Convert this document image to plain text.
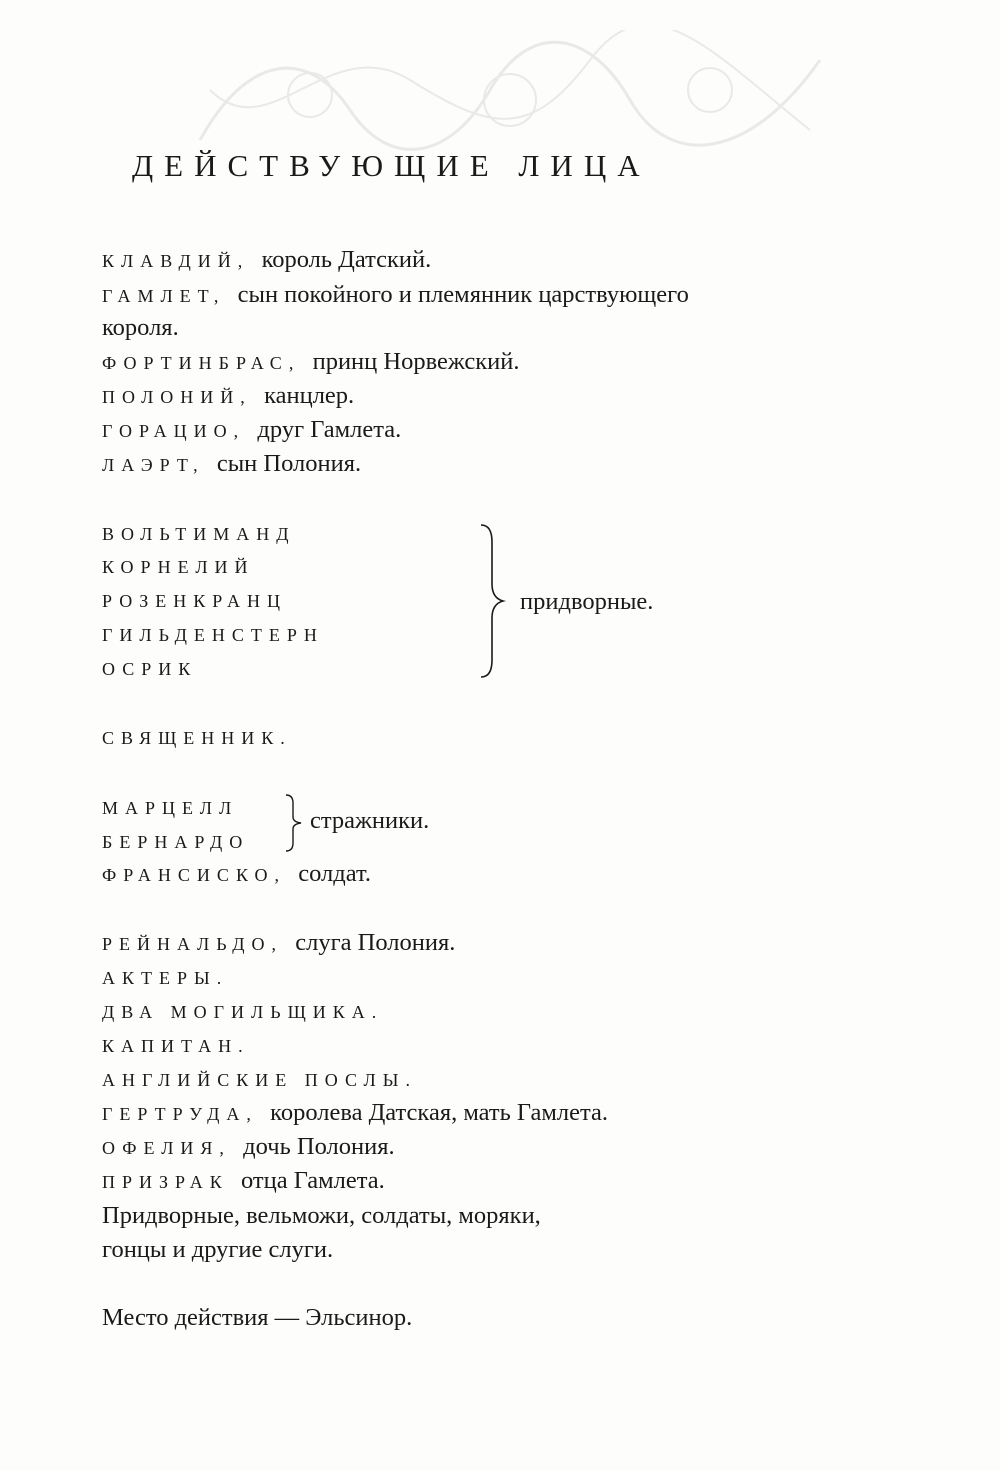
ДЕЙСТВУЮЩИЕ ЛИЦА
КЛАВДИЙ, король Датский.
ГАМЛЕТ, сын покойного и племянник царствующего
короля.
ФОРТИНБРАС, принц Норвежский.
ПОЛОНИЙ, канцлер.
ГОРАЦИО, друг Гамлета.
ЛАЭРТ, сын Полония.
ВОЛЬТИМАНД
КОРНЕЛИЙ
РОЗЕНКРАНЦ
ГИЛЬДЕНСТЕРН
ОСРИК
придворные.
СВЯЩЕННИК.
МАРЦЕЛЛ
БЕРНАРДО
стражники.
ФРАНСИСКО, солдат.
РЕЙНАЛЬДО, слуга Полония.
АКТЕРЫ.
ДВА МОГИЛЬЩИКА.
КАПИТАН.
АНГЛИЙСКИЕ ПОСЛЫ.
ГЕРТРУДА, королева Датская, мать Гамлета.
ОФЕЛИЯ, дочь Полония.
ПРИЗРАК отца Гамлета.
Придворные, вельможи, солдаты, моряки,
гонцы и другие слуги.
Место действия — Эльсинор.
